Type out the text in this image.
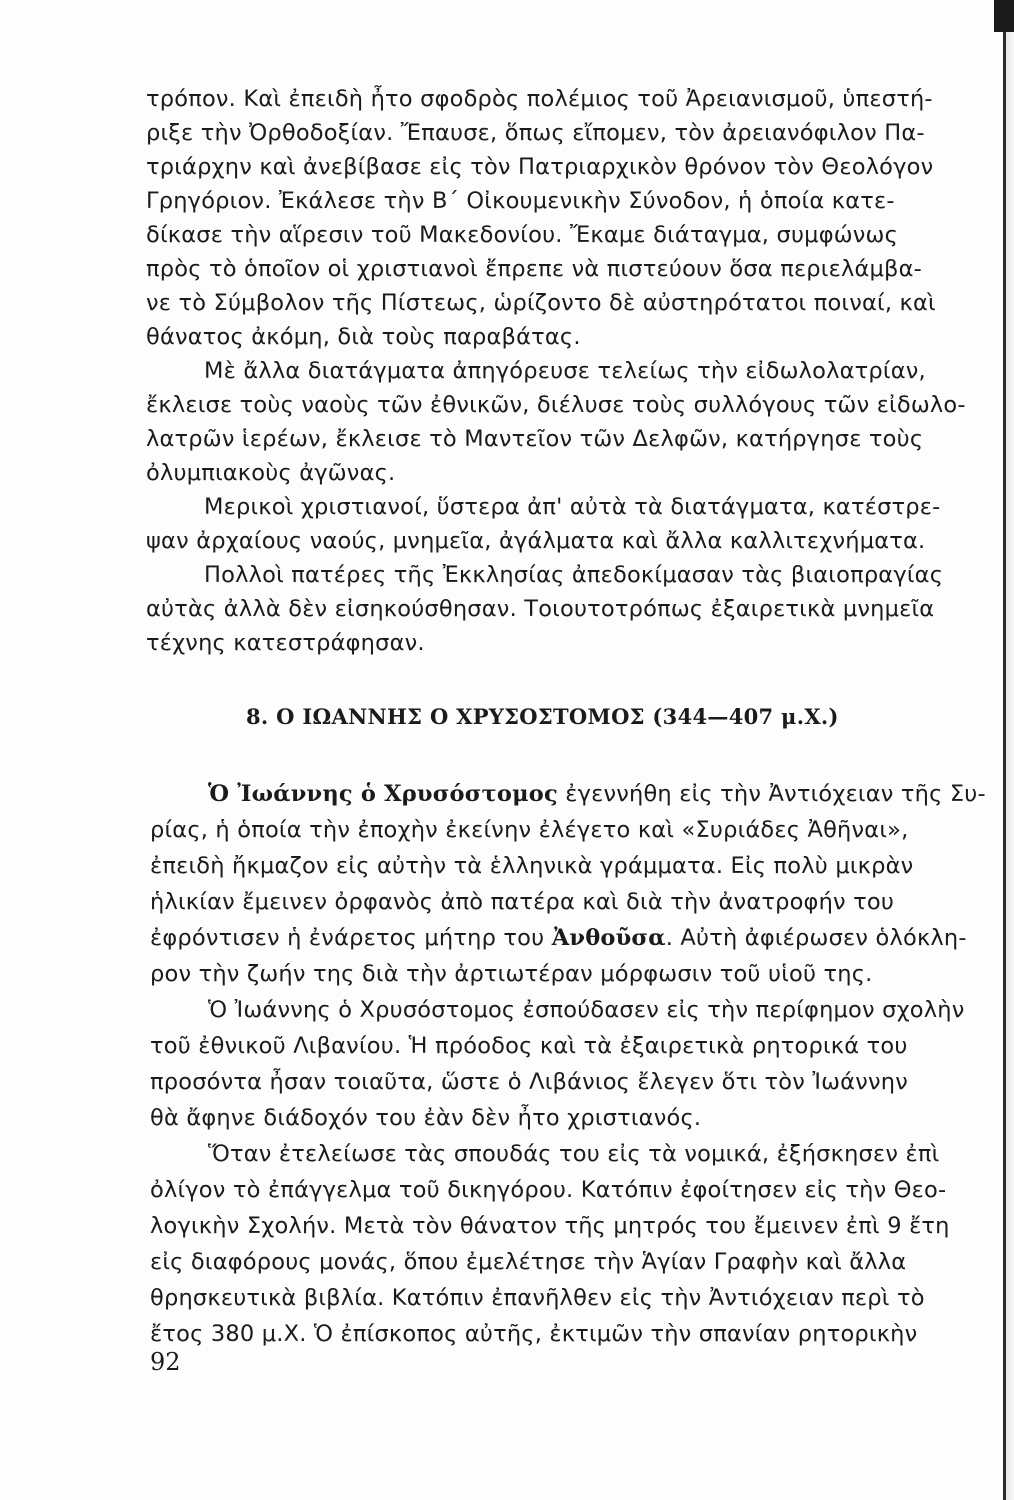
τρόπον. Καὶ ἐπειδὴ ἦτο σφοδρὸς πολέμιος τοῦ Ἀρειανισμοῦ, ὑπεστή-
ριξε τὴν Ὀρθοδοξίαν. Ἔπαυσε, ὅπως εἴπομεν, τὸν ἀρειανόφιλον Πα-
τριάρχην καὶ ἀνεβίβασε εἰς τὸν Πατριαρχικὸν θρόνον τὸν Θεολόγον
Γρηγόριον. Ἐκάλεσε τὴν Β΄ Οἰκουμενικὴν Σύνοδον, ἡ ὁποία κατε-
δίκασε τὴν αἵρεσιν τοῦ Μακεδονίου. Ἔκαμε διάταγμα, συμφώνως
πρὸς τὸ ὁποῖον οἱ χριστιανοὶ ἔπρεπε νὰ πιστεύουν ὅσα περιελάμβα-
νε τὸ Σύμβολον τῆς Πίστεως, ὡρίζοντο δὲ αὐστηρότατοι ποιναί, καὶ
θάνατος ἀκόμη, διὰ τοὺς παραβάτας.
Μὲ ἄλλα διατάγματα ἀπηγόρευσε τελείως τὴν εἰδωλολατρίαν,
ἔκλεισε τοὺς ναοὺς τῶν ἐθνικῶν, διέλυσε τοὺς συλλόγους τῶν εἰδωλο-
λατρῶν ἱερέων, ἔκλεισε τὸ Μαντεῖον τῶν Δελφῶν, κατήργησε τοὺς
ὀλυμπιακοὺς ἀγῶνας.
Μερικοὶ χριστιανοί, ὕστερα ἀπ' αὐτὰ τὰ διατάγματα, κατέστρε-
ψαν ἀρχαίους ναούς, μνημεῖα, ἀγάλματα καὶ ἄλλα καλλιτεχνήματα.
Πολλοὶ πατέρες τῆς Ἐκκλησίας ἀπεδοκίμασαν τὰς βιαιοπραγίας
αὐτὰς ἀλλὰ δὲν εἰσηκούσθησαν. Τοιουτοτρόπως ἐξαιρετικὰ μνημεῖα
τέχνης κατεστράφησαν.
8. Ο ΙΩΑΝΝΗΣ Ο ΧΡΥΣΟΣΤΟΜΟΣ (344—407 μ.Χ.)
Ὁ Ἰωάννης ὁ Χρυσόστομος ἐγεννήθη εἰς τὴν Ἀντιόχειαν τῆς Συ-
ρίας, ἡ ὁποία τὴν ἐποχὴν ἐκείνην ἐλέγετο καὶ «Συριάδες Ἀθῆναι»,
ἐπειδὴ ἤκμαζον εἰς αὐτὴν τὰ ἑλληνικὰ γράμματα. Εἰς πολὺ μικρὰν
ἡλικίαν ἔμεινεν ὀρφανὸς ἀπὸ πατέρα καὶ διὰ τὴν ἀνατροφήν του
ἐφρόντισεν ἡ ἐνάρετος μήτηρ του Ἀνθοῦσα. Αὐτὴ ἀφιέρωσεν ὁλόκλη-
ρον τὴν ζωήν της διὰ τὴν ἀρτιωτέραν μόρφωσιν τοῦ υἱοῦ της.
Ὁ Ἰωάννης ὁ Χρυσόστομος ἐσπούδασεν εἰς τὴν περίφημον σχολὴν
τοῦ ἐθνικοῦ Λιβανίου. Ἡ πρόοδος καὶ τὰ ἐξαιρετικὰ ρητορικά του
προσόντα ἦσαν τοιαῦτα, ὥστε ὁ Λιβάνιος ἔλεγεν ὅτι τὸν Ἰωάννην
θὰ ἄφηνε διάδοχόν του ἐὰν δὲν ἦτο χριστιανός.
Ὅταν ἐτελείωσε τὰς σπουδάς του εἰς τὰ νομικά, ἐξήσκησεν ἐπὶ
ὀλίγον τὸ ἐπάγγελμα τοῦ δικηγόρου. Κατόπιν ἐφοίτησεν εἰς τὴν Θεο-
λογικὴν Σχολήν. Μετὰ τὸν θάνατον τῆς μητρός του ἔμεινεν ἐπὶ 9 ἔτη
εἰς διαφόρους μονάς, ὅπου ἐμελέτησε τὴν Ἁγίαν Γραφὴν καὶ ἄλλα
θρησκευτικὰ βιβλία. Κατόπιν ἐπανῆλθεν εἰς τὴν Ἀντιόχειαν περὶ τὸ
ἔτος 380 μ.Χ. Ὁ ἐπίσκοπος αὐτῆς, ἐκτιμῶν τὴν σπανίαν ρητορικὴν
92
